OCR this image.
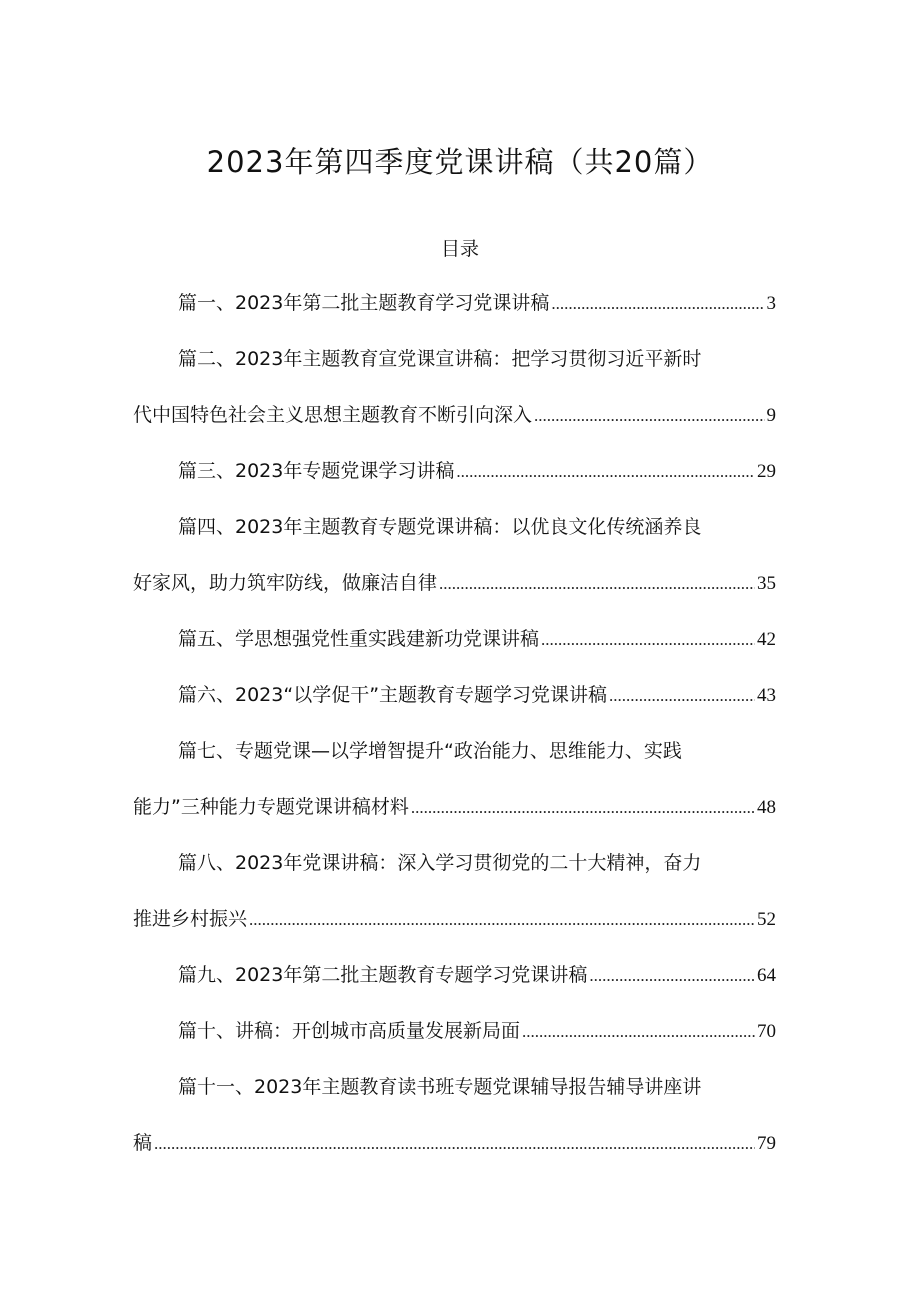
2023年第四季度党课讲稿（共20篇）
目录
篇一、2023年第二批主题教育学习党课讲稿 .....	3
篇二、2023年主题教育宣党课宣讲稿：把学习贯彻习近平新时
代中国特色社会主义思想主题教育不断引向深入 .....	9
篇三、2023年专题党课学习讲稿 .....	29
篇四、2023年主题教育专题党课讲稿：以优良文化传统涵养良
好家风，助力筑牢防线，做廉洁自律 .....	35
篇五、学思想强党性重实践建新功党课讲稿 .....	42
篇六、2023“以学促干”主题教育专题学习党课讲稿 .....	43
篇七、专题党课—以学增智提升“政治能力、思维能力、实践
能力”三种能力专题党课讲稿材料 .....	48
篇八、2023年党课讲稿：深入学习贯彻党的二十大精神，奋力
推进乡村振兴 .....	52
篇九、2023年第二批主题教育专题学习党课讲稿 .....	64
篇十、讲稿：开创城市高质量发展新局面 .....	70
篇十一、2023年主题教育读书班专题党课辅导报告辅导讲座讲
稿 .....	79
